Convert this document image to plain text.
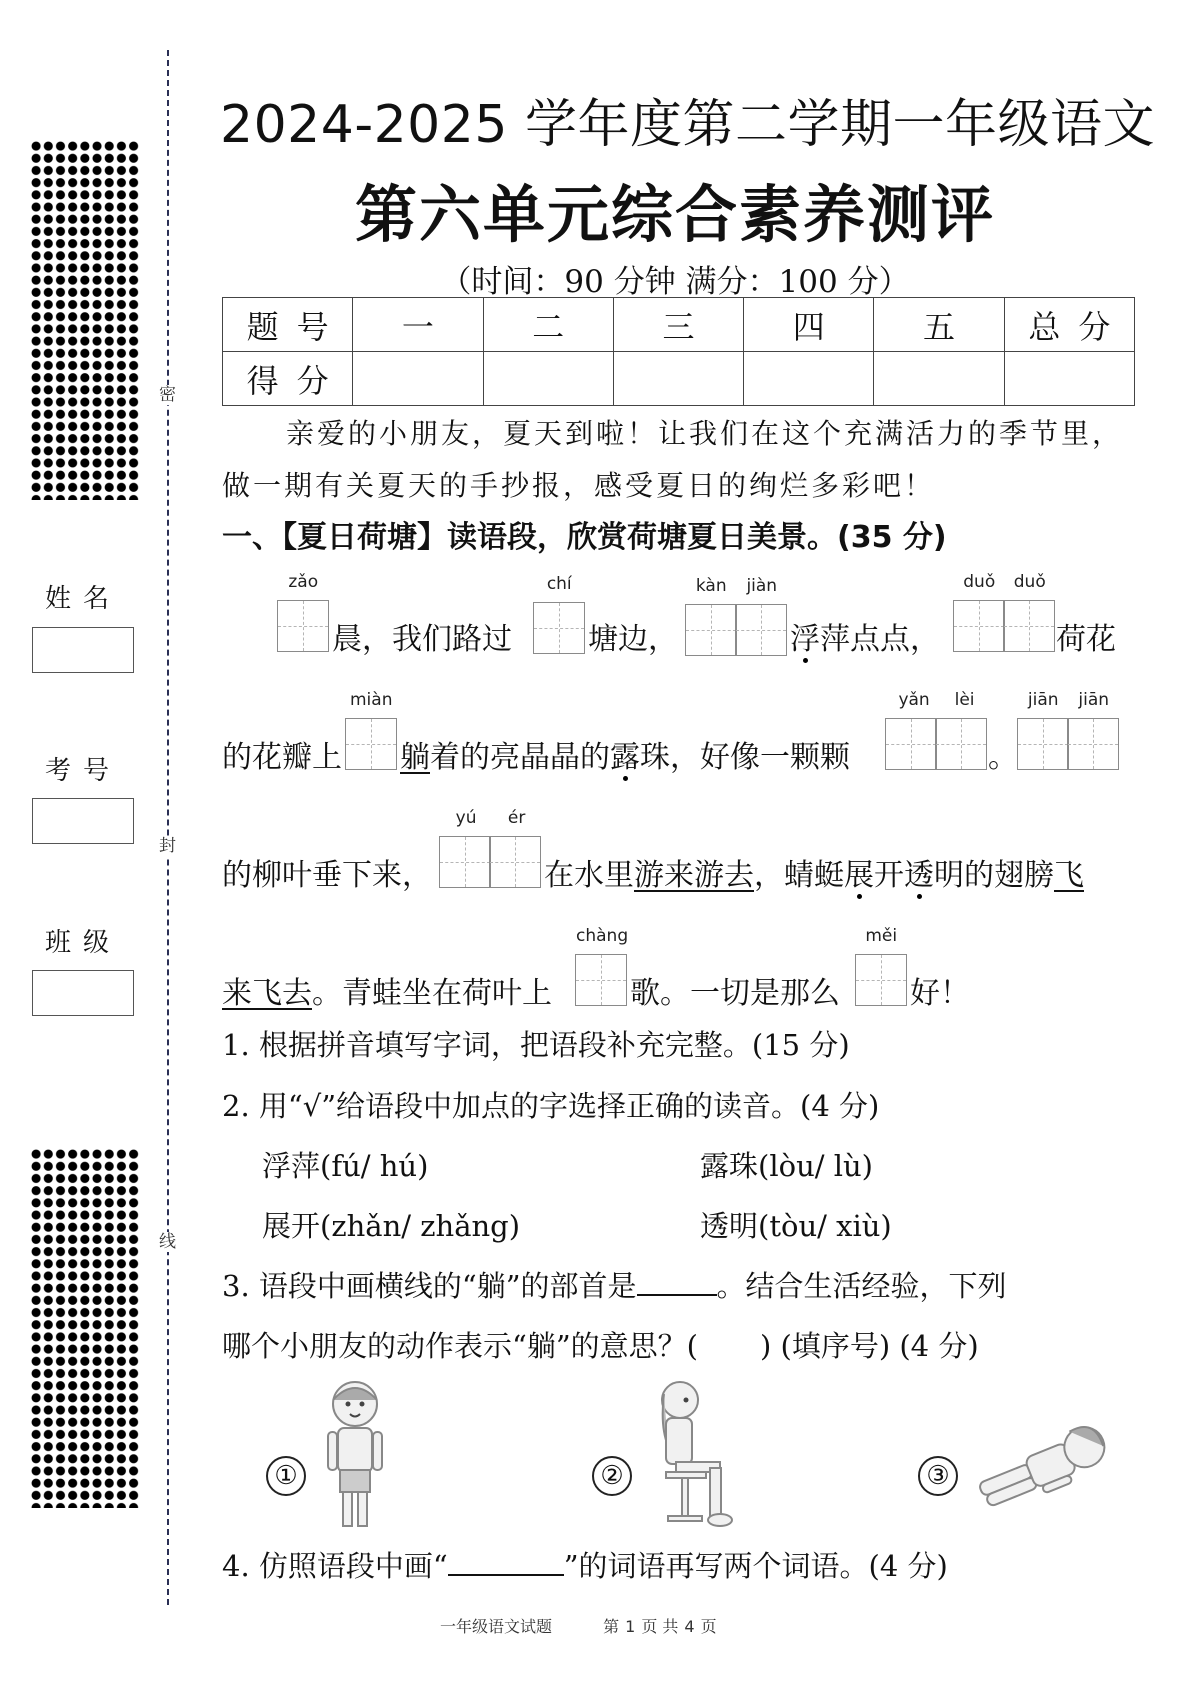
姓名
考号
班级
密
封
线
2024-2025 学年度第二学期一年级语文
第六单元综合素养测评
（时间：90 分钟 满分：100 分）
题号	一	二	三	四	五	总分
得分						
亲爱的小朋友，夏天到啦！让我们在这个充满活力的季节里，做一期有关夏天的手抄报，感受夏日的绚烂多彩吧！
一、【夏日荷塘】读语段，欣赏荷塘夏日美景。(35 分)
zǎo
晨，我们路过
chí
塘边，
kàn jiàn
浮萍点点，
duǒ duǒ
荷花
的花瓣上
miàn
躺着的亮晶晶的露珠，好像一颗颗
yǎn lèi
。
jiān jiān
的柳叶垂下来，
yú ér
在水里游来游去，蜻蜓展开透明的翅膀飞
来飞去。青蛙坐在荷叶上
chàng
歌。一切是那么
měi
好！
1. 根据拼音填写字词，把语段补充完整。(15 分)
2. 用“√”给语段中加点的字选择正确的读音。(4 分)
浮萍(fú/ hú)	露珠(lòu/ lù)
展开(zhǎn/ zhǎng)	透明(tòu/ xiù)
3. 语段中画横线的“躺”的部首是	。结合生活经验，下列
哪个小朋友的动作表示“躺”的意思？( ) (填序号) (4 分)
①	②	③
4. 仿照语段中画“	”的词语再写两个词语。(4 分)
一年级语文试题	第 1 页 共 4 页
